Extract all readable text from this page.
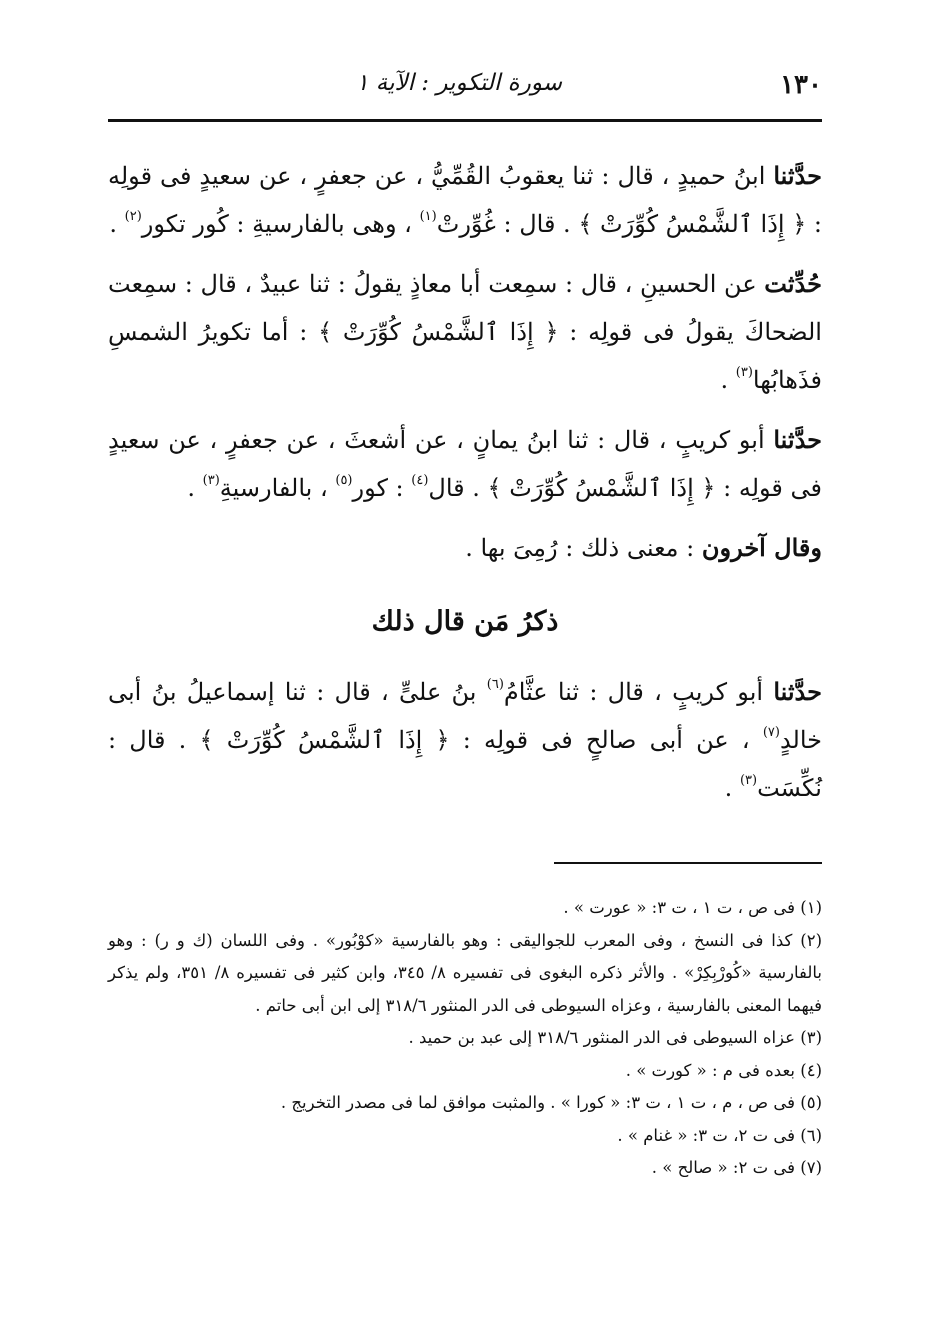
١٣٠
سورة التكوير : الآية ١

حدَّثنا ابنُ حميدٍ ، قال : ثنا يعقوبُ القُمِّيُّ ، عن جعفرٍ ، عن سعيدٍ فى قولِه : ﴿ إِذَا ٱلشَّمْسُ كُوِّرَتْ ﴾ . قال : غُوِّرتْ$^{(١)}$ ، وهى بالفارسيةِ : كُور تكور$^{(٢)}$ .

حُدِّثت عن الحسينِ ، قال : سمِعت أبا معاذٍ يقولُ : ثنا عبيدٌ ، قال : سمِعت الضحاكَ يقولُ فى قولِه : ﴿ إِذَا ٱلشَّمْسُ كُوِّرَتْ ﴾ : أما تكويرُ الشمسِ فذَهابُها$^{(٣)}$ .

حدَّثنا أبو كريبٍ ، قال : ثنا ابنُ يمانٍ ، عن أشعثَ ، عن جعفرٍ ، عن سعيدٍ فى قولِه : ﴿ إِذَا ٱلشَّمْسُ كُوِّرَتْ ﴾ . قال$^{(٤)}$ : كور$^{(٥)}$ ، بالفارسيةِ$^{(٣)}$ .

وقال آخرون : معنى ذلك : رُمِىَ بها .

ذكرُ مَن قال ذلك

حدَّثنا أبو كريبٍ ، قال : ثنا عثَّامُ$^{(٦)}$ بنُ علىٍّ ، قال : ثنا إسماعيلُ بنُ أبى خالدٍ$^{(٧)}$ ، عن أبى صالحٍ فى قولِه : ﴿ إِذَا ٱلشَّمْسُ كُوِّرَتْ ﴾ . قال : نُكِّسَت$^{(٣)}$ .

(١) فى ص ، ت ١ ، ت ٣: « عورت » .

(٢) كذا فى النسخ ، وفى المعرب للجواليقى : وهو بالفارسية «كوْبُور» . وفى اللسان (ك و ر) : وهو بالفارسية «كُورْبِكِرْ» . والأثر ذكره البغوى فى تفسيره ٨/ ٣٤٥، وابن كثير فى تفسيره ٨/ ٣٥١، ولم يذكر فيهما المعنى بالفارسية ، وعزاه السيوطى فى الدر المنثور ٣١٨/٦ إلى ابن أبى حاتم .

(٣) عزاه السيوطى فى الدر المنثور ٣١٨/٦ إلى عبد بن حميد .

(٤) بعده فى م : « كورت » .

(٥) فى ص ، م ، ت ١ ، ت ٣: « كورا » . والمثبت موافق لما فى مصدر التخريج .

(٦) فى ت ٢، ت ٣: « غنام » .

(٧) فى ت ٢: « صالح » .
